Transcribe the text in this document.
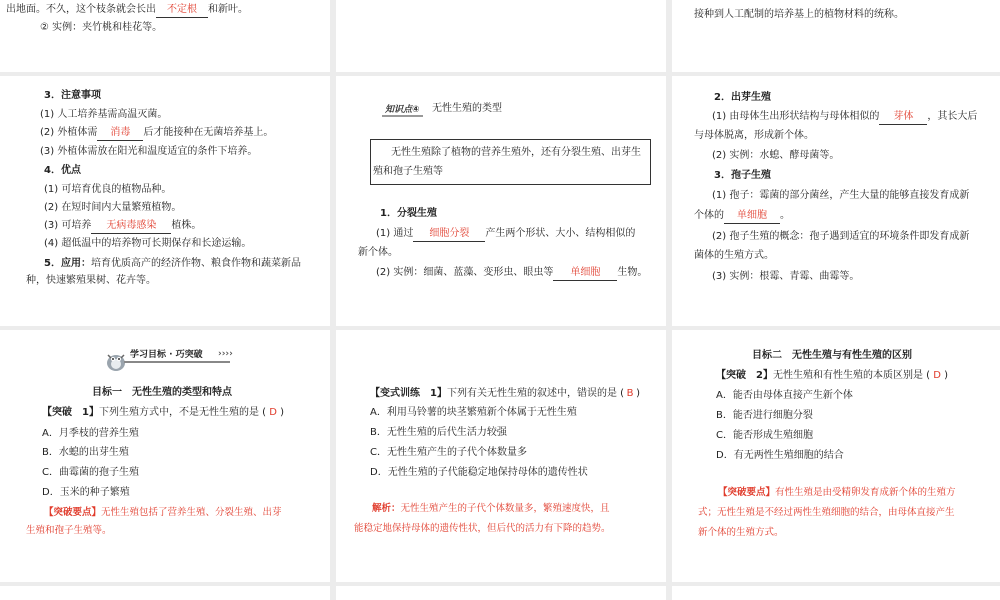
出地面。不久，这个枝条就会长出 不定根 和新叶。
② 实例：夹竹桃和桂花等。
接种到人工配制的培养基上的植物材料的统称。
3．注意事项
(1) 人工培养基需高温灭菌。
(2) 外植体需 消毒 后才能接种在无菌培养基上。
(3) 外植体需放在阳光和温度适宜的条件下培养。
4．优点
(1) 可培育优良的植物品种。
(2) 在短时间内大量繁殖植物。
(3) 可培养 无病毒感染 植株。
(4) 超低温中的培养物可长期保存和长途运输。
5．应用：培育优质高产的经济作物、粮食作物和蔬菜新品
种，快速繁殖果树、花卉等。
知识点④	无性生殖的类型
无性生殖除了植物的营养生殖外，还有分裂生殖、出芽生
殖和孢子生殖等
1．分裂生殖
(1) 通过 细胞分裂 产生两个形状、大小、结构相似的
新个体。
(2) 实例：细菌、蓝藻、变形虫、眼虫等 单细胞 生物。
2．出芽生殖
(1) 由母体生出形状结构与母体相似的 芽体 ，其长大后
与母体脱离，形成新个体。
(2) 实例：水螅、酵母菌等。
3．孢子生殖
(1) 孢子：霉菌的部分菌丝，产生大量的能够直接发育成新
个体的 单细胞 。
(2) 孢子生殖的概念：孢子遇到适宜的环境条件即发育成新
菌体的生殖方式。
(3) 实例：根霉、青霉、曲霉等。
学习目标 · 巧突破 ››››
目标一　无性生殖的类型和特点
【突破　1】下列生殖方式中，不是无性生殖的是 ( D )
A．月季枝的营养生殖
B．水螅的出芽生殖
C．曲霉菌的孢子生殖
D．玉米的种子繁殖
【突破要点】无性生殖包括了营养生殖、分裂生殖、出芽
生殖和孢子生殖等。
【变式训练　1】下列有关无性生殖的叙述中，错误的是 ( B )
A．利用马铃薯的块茎繁殖新个体属于无性生殖
B．无性生殖的后代生活力较强
C．无性生殖产生的子代个体数量多
D．无性生殖的子代能稳定地保持母体的遗传性状
解析：无性生殖产生的子代个体数量多，繁殖速度快，且
能稳定地保持母体的遗传性状，但后代的活力有下降的趋势。
目标二　无性生殖与有性生殖的区别
【突破　2】无性生殖和有性生殖的本质区别是 ( D )
A．能否由母体直接产生新个体
B．能否进行细胞分裂
C．能否形成生殖细胞
D．有无两性生殖细胞的结合
【突破要点】有性生殖是由受精卵发育成新个体的生殖方
式；无性生殖是不经过两性生殖细胞的结合，由母体直接产生
新个体的生殖方式。
